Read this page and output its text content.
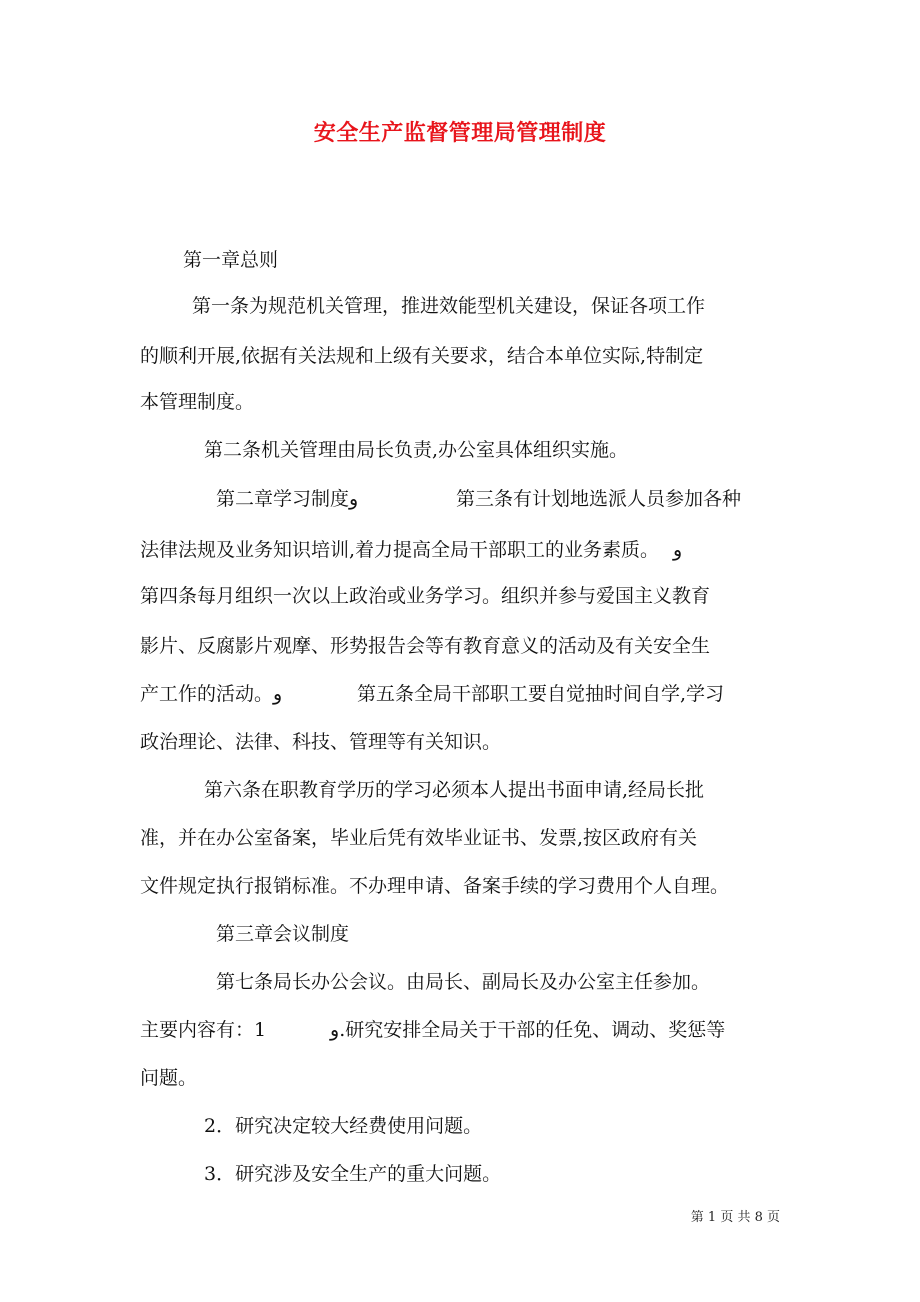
安全生产监督管理局管理制度
第一章总则
第一条为规范机关管理，推进效能型机关建设，保证各项工作
的顺利开展,依据有关法规和上级有关要求，结合本单位实际,特制定
本管理制度。
第二条机关管理由局长负责,办公室具体组织实施。
第二章学习制度ﻭ	第三条有计划地选派人员参加各种
法律法规及业务知识培训,着力提高全局干部职工的业务素质。 ﻭ
第四条每月组织一次以上政治或业务学习。组织并参与爱国主义教育
影片、反腐影片观摩、形势报告会等有教育意义的活动及有关安全生
产工作的活动。ﻭ	第五条全局干部职工要自觉抽时间自学,学习
政治理论、法律、科技、管理等有关知识。
第六条在职教育学历的学习必须本人提出书面申请,经局长批
准，并在办公室备案，毕业后凭有效毕业证书、发票,按区政府有关
文件规定执行报销标准。不办理申请、备案手续的学习费用个人自理。
第三章会议制度
第七条局长办公会议。由局长、副局长及办公室主任参加。
主要内容有：1	ﻭ.研究安排全局关于干部的任免、调动、奖惩等
问题。
2．研究决定较大经费使用问题。
3．研究涉及安全生产的重大问题。
第 1 页 共 8 页
